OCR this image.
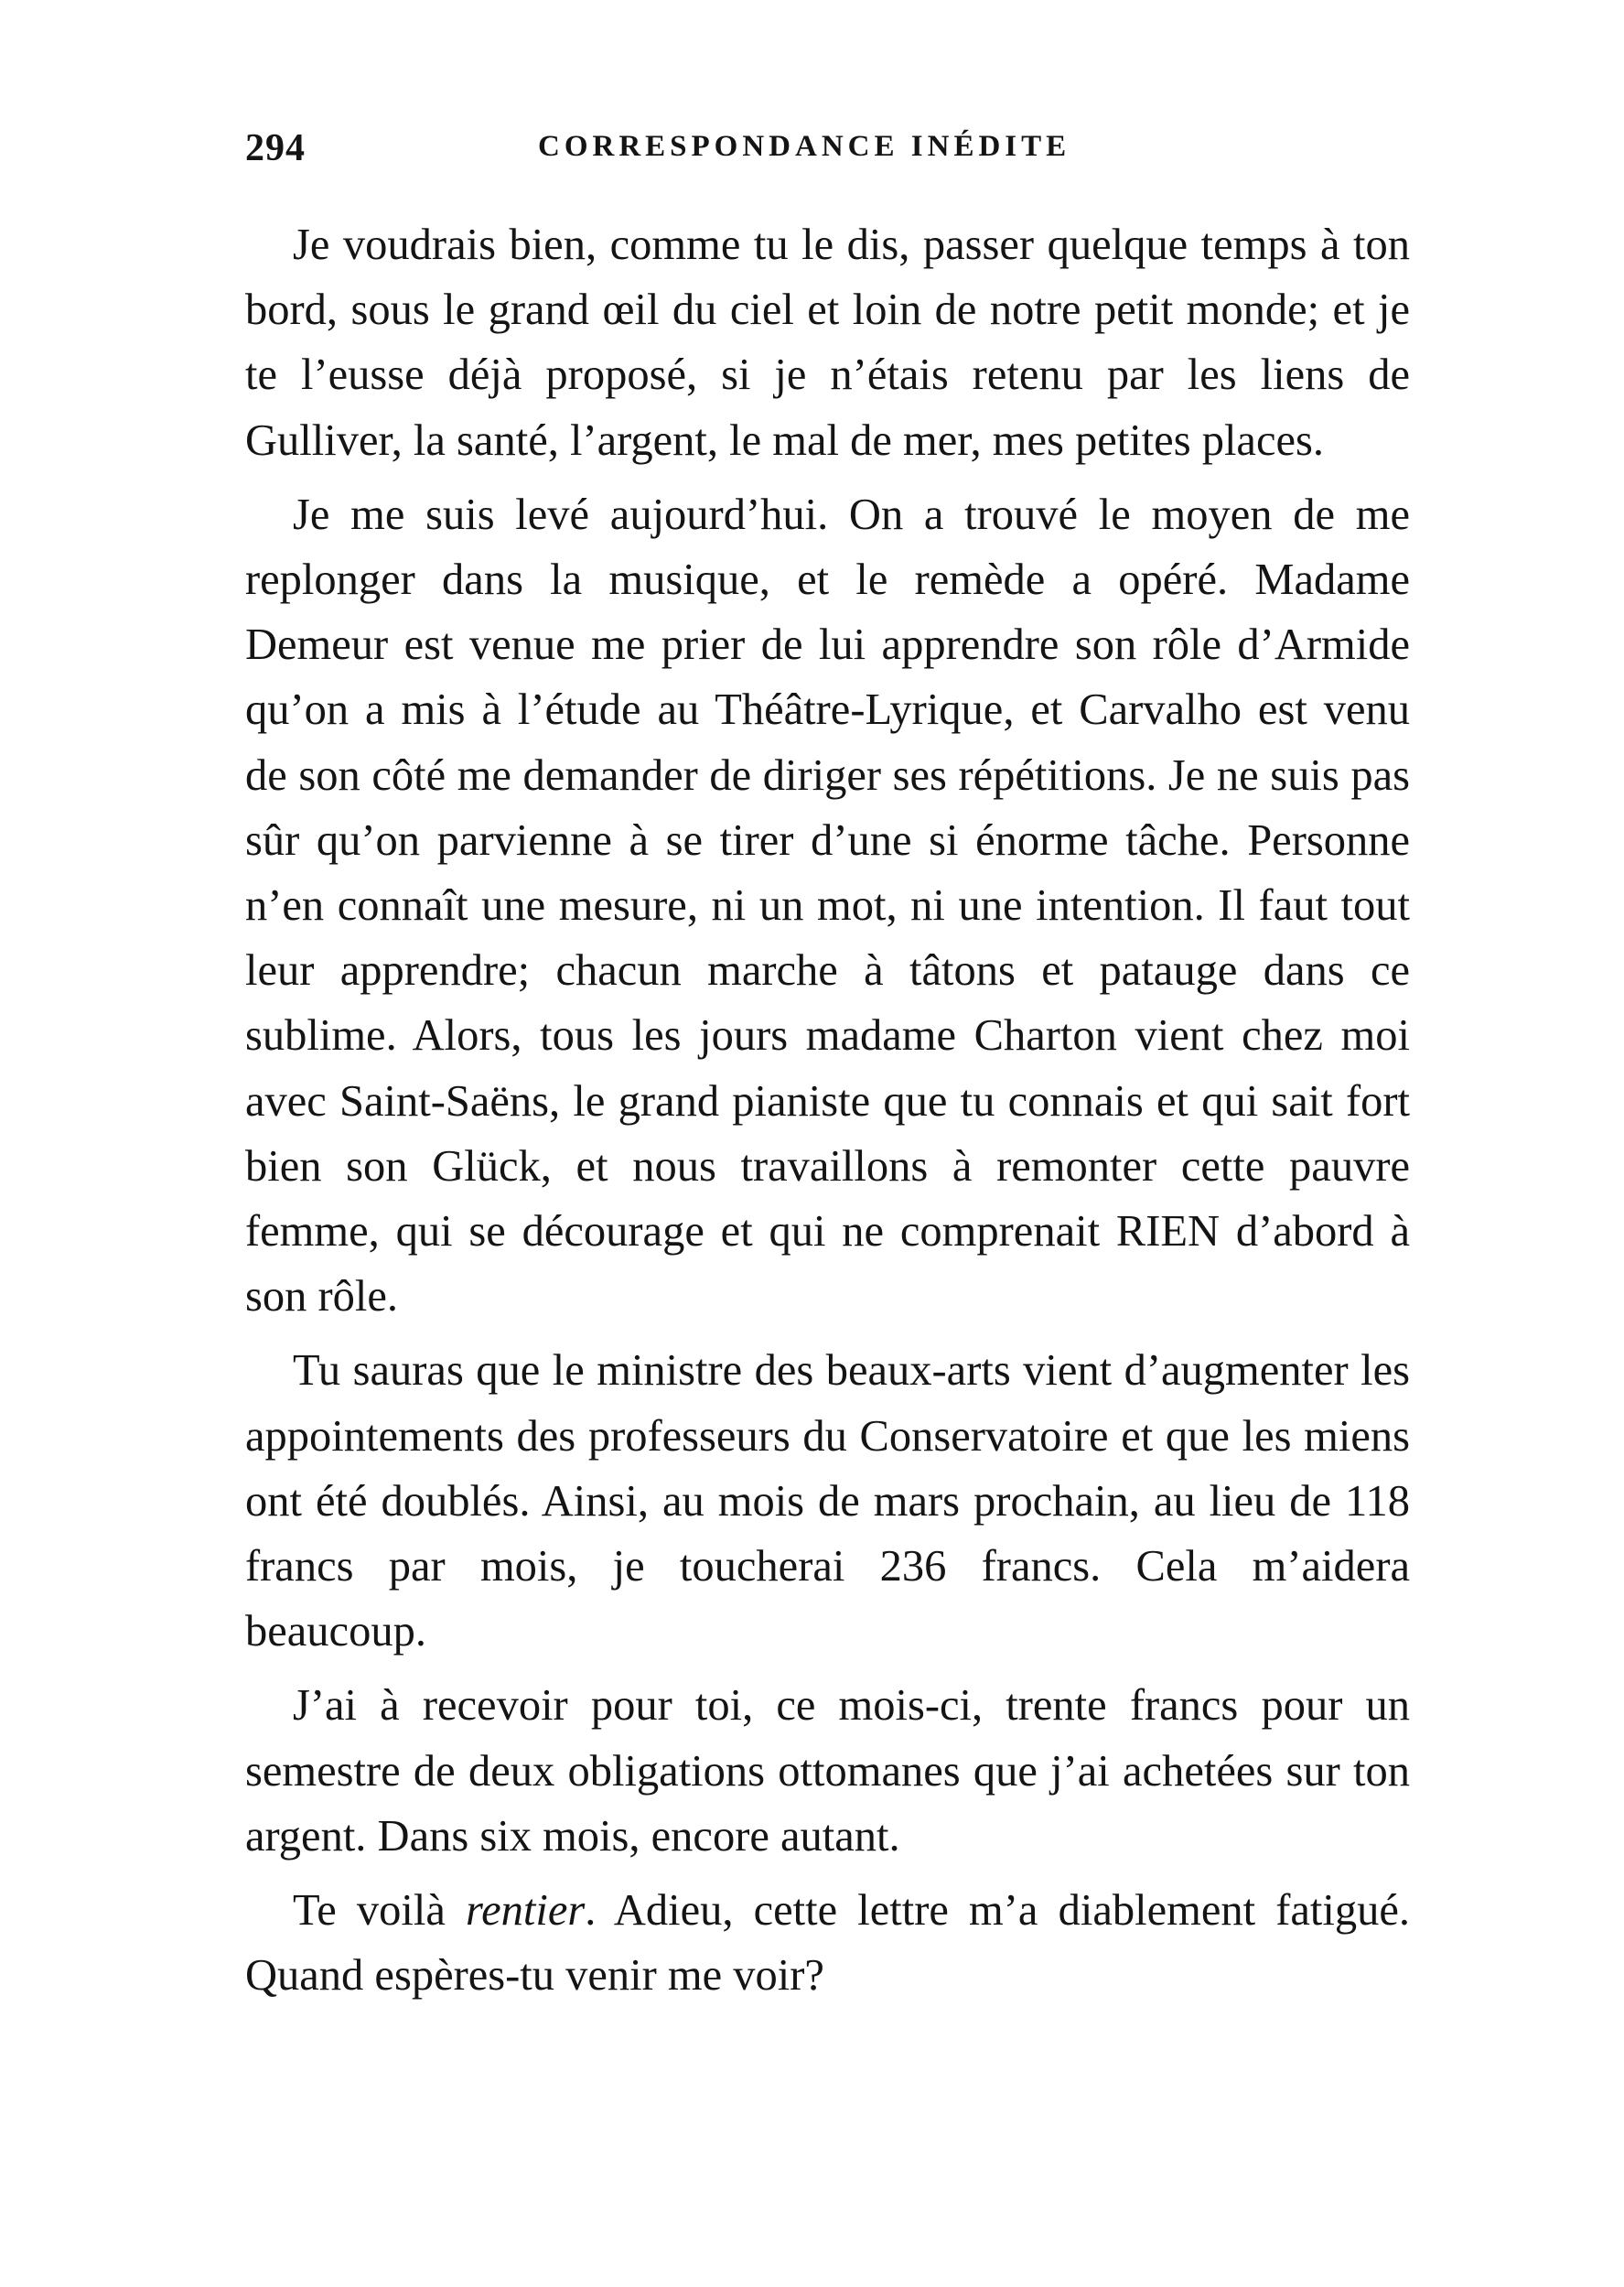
294	CORRESPONDANCE INÉDITE

Je voudrais bien, comme tu le dis, passer quelque temps à ton bord, sous le grand œil du ciel et loin de notre petit monde; et je te l’eusse déjà proposé, si je n’étais retenu par les liens de Gulliver, la santé, l’argent, le mal de mer, mes petites places.

Je me suis levé aujourd’hui. On a trouvé le moyen de me replonger dans la musique, et le remède a opéré. Madame Demeur est venue me prier de lui apprendre son rôle d’Armide qu’on a mis à l’étude au Théâtre-Lyrique, et Carvalho est venu de son côté me demander de diriger ses répétitions. Je ne suis pas sûr qu’on parvienne à se tirer d’une si énorme tâche. Personne n’en connaît une mesure, ni un mot, ni une intention. Il faut tout leur apprendre; chacun marche à tâtons et patauge dans ce sublime. Alors, tous les jours madame Charton vient chez moi avec Saint-Saëns, le grand pianiste que tu connais et qui sait fort bien son Glück, et nous travaillons à remonter cette pauvre femme, qui se décourage et qui ne comprenait RIEN d’abord à son rôle.

Tu sauras que le ministre des beaux-arts vient d’augmenter les appointements des professeurs du Conservatoire et que les miens ont été doublés. Ainsi, au mois de mars prochain, au lieu de 118 francs par mois, je toucherai 236 francs. Cela m’aidera beaucoup.

J’ai à recevoir pour toi, ce mois-ci, trente francs pour un semestre de deux obligations ottomanes que j’ai achetées sur ton argent. Dans six mois, encore autant.

Te voilà rentier. Adieu, cette lettre m’a diablement fatigué. Quand espères-tu venir me voir?
